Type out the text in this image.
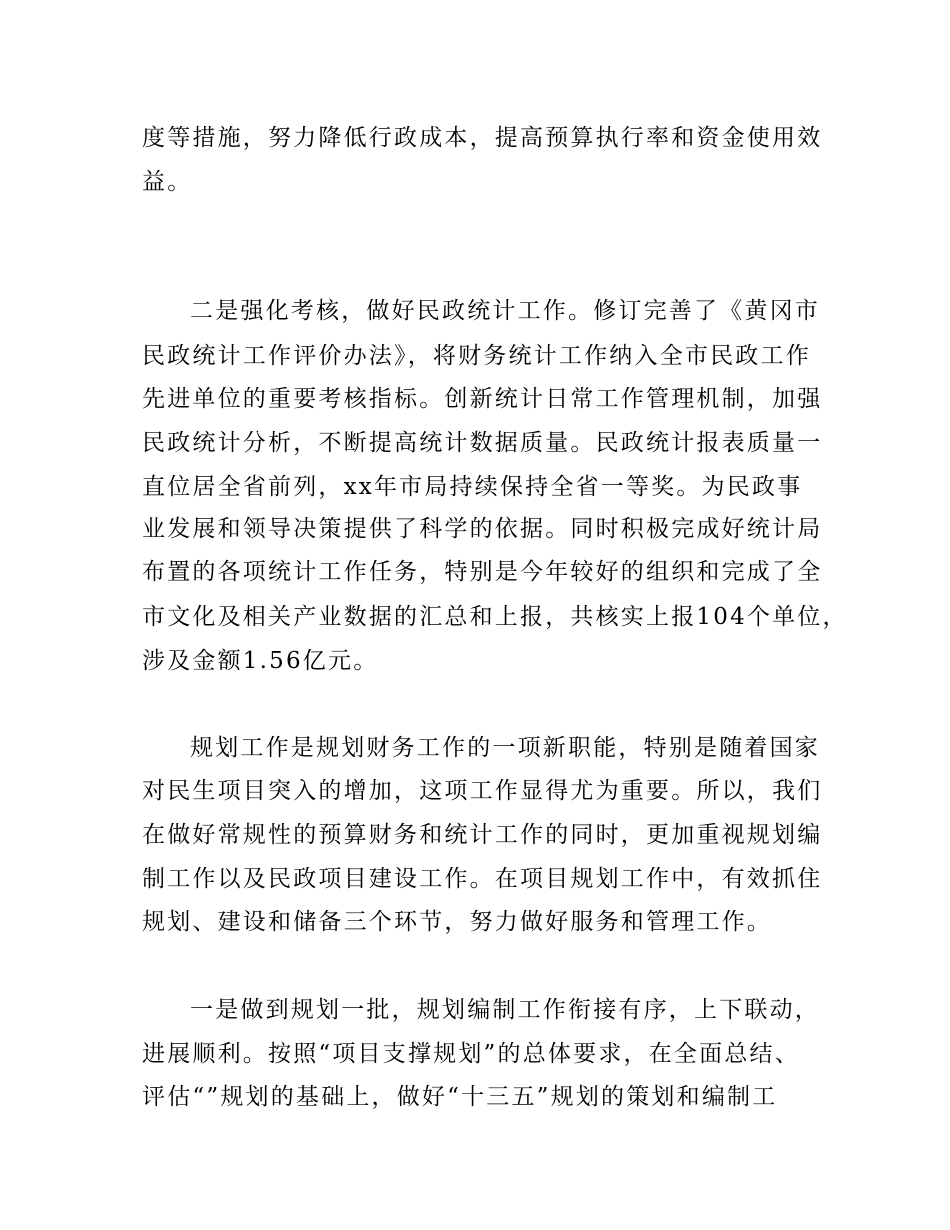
度等措施，努力降低行政成本，提高预算执行率和资金使用效
益。
二是强化考核，做好民政统计工作。修订完善了《黄冈市
民政统计工作评价办法》，将财务统计工作纳入全市民政工作
先进单位的重要考核指标。创新统计日常工作管理机制，加强
民政统计分析，不断提高统计数据质量。民政统计报表质量一
直位居全省前列，xx年市局持续保持全省一等奖。为民政事
业发展和领导决策提供了科学的依据。同时积极完成好统计局
布置的各项统计工作任务，特别是今年较好的组织和完成了全
市文化及相关产业数据的汇总和上报，共核实上报104个单位，
涉及金额1.56亿元。
规划工作是规划财务工作的一项新职能，特别是随着国家
对民生项目突入的增加，这项工作显得尤为重要。所以，我们
在做好常规性的预算财务和统计工作的同时，更加重视规划编
制工作以及民政项目建设工作。在项目规划工作中，有效抓住
规划、建设和储备三个环节，努力做好服务和管理工作。
一是做到规划一批，规划编制工作衔接有序，上下联动，
进展顺利。按照“项目支撑规划”的总体要求，在全面总结、
评估“”规划的基础上，做好“十三五”规划的策划和编制工
